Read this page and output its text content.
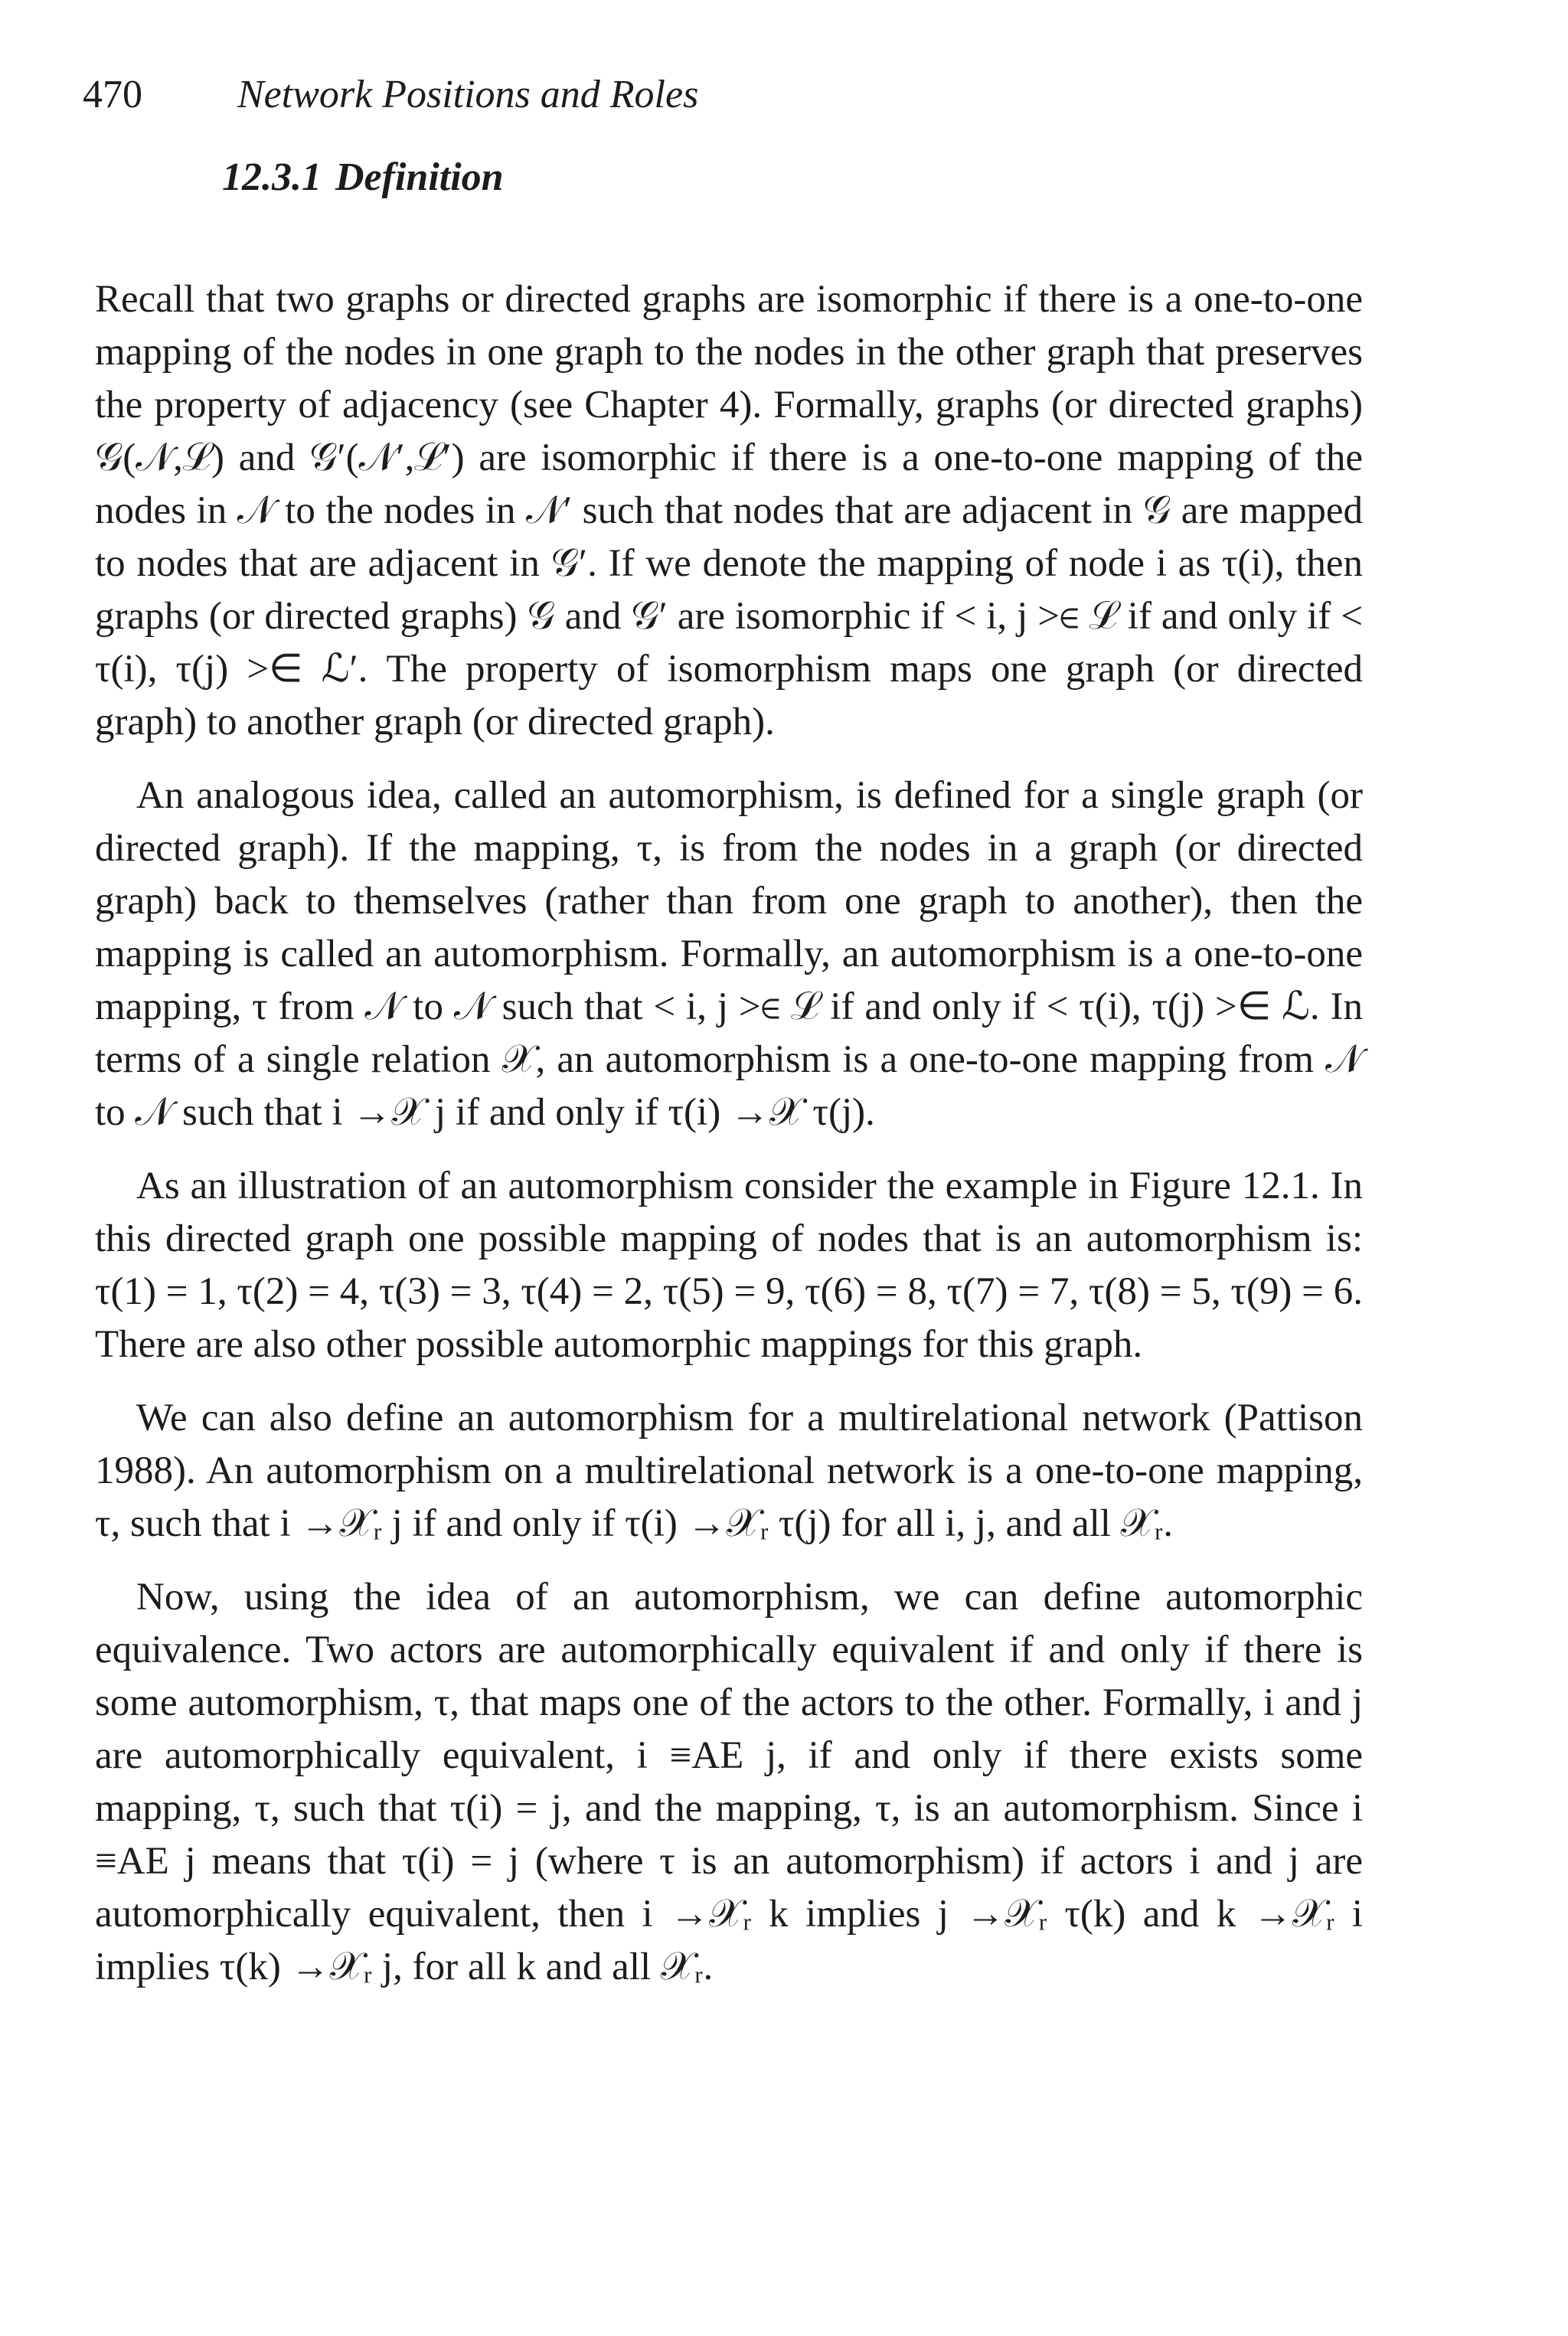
470 Network Positions and Roles
12.3.1 Definition

Recall that two graphs or directed graphs are isomorphic if there is a one-to-one mapping of the nodes in one graph to the nodes in the other graph that preserves the property of adjacency (see Chapter 4). Formally, graphs (or directed graphs) 𝒢(𝒩,ℒ) and 𝒢′(𝒩′,ℒ′) are isomorphic if there is a one-to-one mapping of the nodes in 𝒩 to the nodes in 𝒩′ such that nodes that are adjacent in 𝒢 are mapped to nodes that are adjacent in 𝒢′. If we denote the mapping of node i as τ(i), then graphs (or directed graphs) 𝒢 and 𝒢′ are isomorphic if < i, j >∈ ℒ if and only if < τ(i), τ(j) >∈ ℒ′. The property of isomorphism maps one graph (or directed graph) to another graph (or directed graph).

An analogous idea, called an automorphism, is defined for a single graph (or directed graph). If the mapping, τ, is from the nodes in a graph (or directed graph) back to themselves (rather than from one graph to another), then the mapping is called an automorphism. Formally, an automorphism is a one-to-one mapping, τ from 𝒩 to 𝒩 such that < i, j >∈ ℒ if and only if < τ(i), τ(j) >∈ ℒ. In terms of a single relation 𝒳, an automorphism is a one-to-one mapping from 𝒩 to 𝒩 such that i →𝒳 j if and only if τ(i) →𝒳 τ(j).

As an illustration of an automorphism consider the example in Figure 12.1. In this directed graph one possible mapping of nodes that is an automorphism is: τ(1) = 1, τ(2) = 4, τ(3) = 3, τ(4) = 2, τ(5) = 9, τ(6) = 8, τ(7) = 7, τ(8) = 5, τ(9) = 6. There are also other possible automorphic mappings for this graph.

We can also define an automorphism for a multirelational network (Pattison 1988). An automorphism on a multirelational network is a one-to-one mapping, τ, such that i →𝒳ᵣ j if and only if τ(i) →𝒳ᵣ τ(j) for all i, j, and all 𝒳ᵣ.

Now, using the idea of an automorphism, we can define automorphic equivalence. Two actors are automorphically equivalent if and only if there is some automorphism, τ, that maps one of the actors to the other. Formally, i and j are automorphically equivalent, i ≡AE j, if and only if there exists some mapping, τ, such that τ(i) = j, and the mapping, τ, is an automorphism. Since i ≡AE j means that τ(i) = j (where τ is an automorphism) if actors i and j are automorphically equivalent, then i →𝒳ᵣ k implies j →𝒳ᵣ τ(k) and k →𝒳ᵣ i implies τ(k) →𝒳ᵣ j, for all k and all 𝒳ᵣ.
